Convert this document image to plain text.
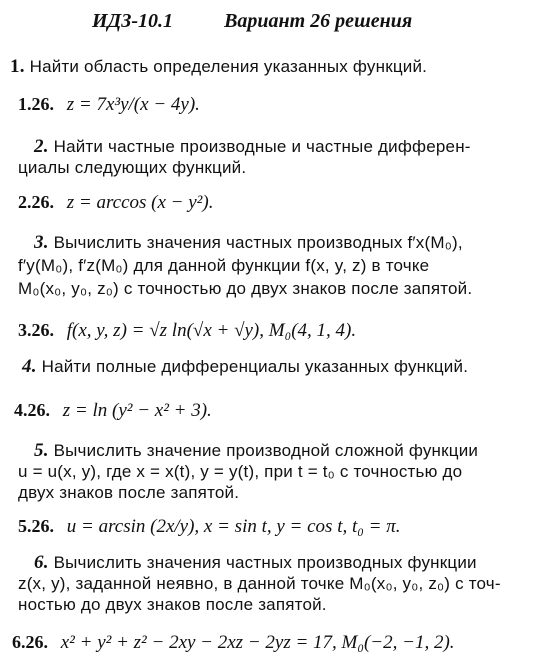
ИДЗ-10.1	Вариант 26 решения
1. Найти область определения указанных функций.
1.26. z = 7x³y/(x − 4y).
2. Найти частные производные и частные дифферен-
циалы следующих функций.
2.26. z = arccos (x − y²).
3. Вычислить значения частных производных f′x(M₀),
f′y(M₀), f′z(M₀) для данной функции f(x, y, z) в точке
M₀(x₀, y₀, z₀) с точностью до двух знаков после запятой.
3.26. f(x, y, z) = √z ln(√x + √y), M₀(4, 1, 4).
4. Найти полные дифференциалы указанных функций.
4.26. z = ln (y² − x² + 3).
5. Вычислить значение производной сложной функции
u = u(x, y), где x = x(t), y = y(t), при t = t₀ с точностью до
двух знаков после запятой.
5.26. u = arcsin (2x/y), x = sin t, y = cos t, t₀ = π.
6. Вычислить значения частных производных функции
z(x, y), заданной неявно, в данной точке M₀(x₀, y₀, z₀) с точ-
ностью до двух знаков после запятой.
6.26. x² + y² + z² − 2xy − 2xz − 2yz = 17, M₀(−2, −1, 2).
